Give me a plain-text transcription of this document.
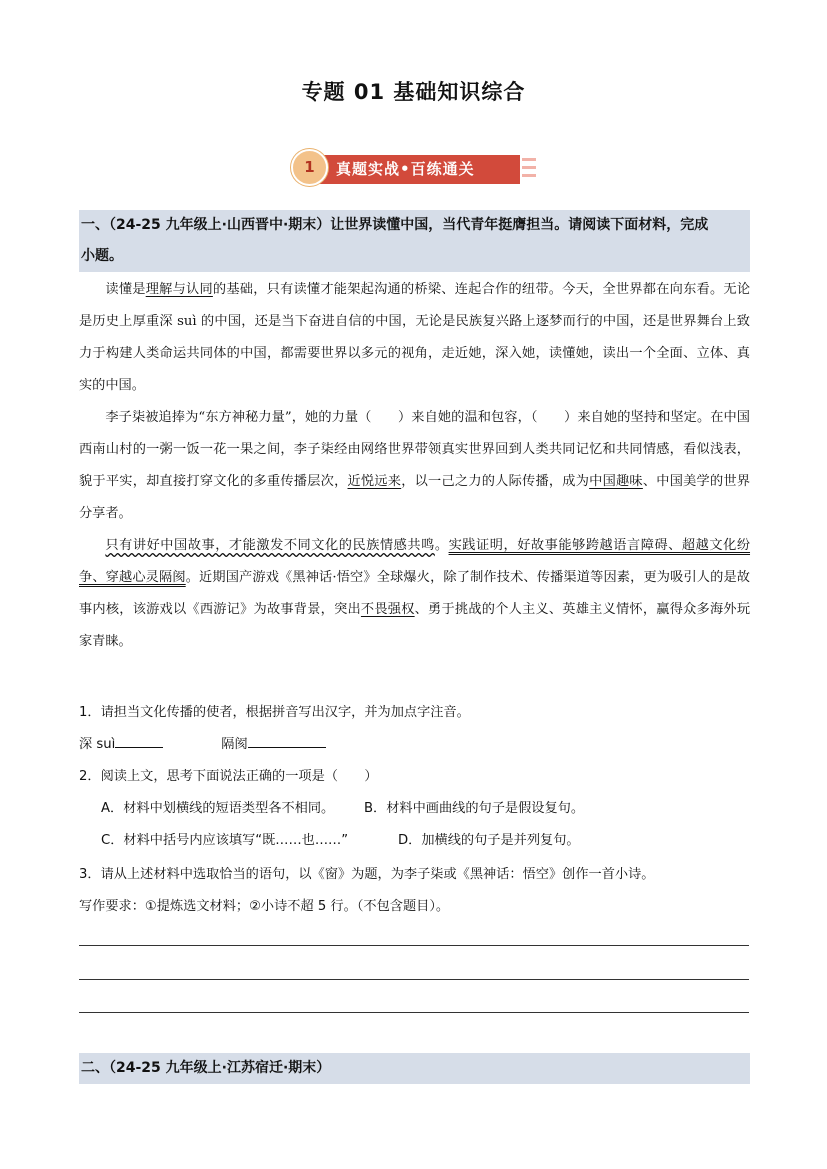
专题 01 基础知识综合
1	真题实战•百练通关
一、（24-25 九年级上·山西晋中·期末）让世界读懂中国，当代青年挺膺担当。请阅读下面材料，完成
小题。

读懂是理解与认同的基础，只有读懂才能架起沟通的桥梁、连起合作的纽带。今天，全世界都在向东看。无论是历史上厚重深 suì 的中国，还是当下奋进自信的中国，无论是民族复兴路上逐梦而行的中国，还是世界舞台上致力于构建人类命运共同体的中国，都需要世界以多元的视角，走近她，深入她，读懂她，读出一个全面、立体、真实的中国。

李子柒被追捧为“东方神秘力量”，她的力量（　　）来自她的温和包容，（　　）来自她的坚持和坚定。在中国西南山村的一粥一饭一花一果之间，李子柒经由网络世界带领真实世界回到人类共同记忆和共同情感，看似浅表，貌于平实，却直接打穿文化的多重传播层次，近悦远来，以一己之力的人际传播，成为中国趣味、中国美学的世界分享者。

只有讲好中国故事，才能激发不同文化的民族情感共鸣。实践证明，好故事能够跨越语言障碍、超越文化纷争、穿越心灵隔阂。近期国产游戏《黑神话·悟空》全球爆火，除了制作技术、传播渠道等因素，更为吸引人的是故事内核，该游戏以《西游记》为故事背景，突出不畏强权、勇于挑战的个人主义、英雄主义情怀，赢得众多海外玩家青睐。

1．请担当文化传播的使者，根据拼音写出汉字，并为加点字注音。
深 suì	隔阂
2．阅读上文，思考下面说法正确的一项是（　　）
A．材料中划横线的短语类型各不相同。 B．材料中画曲线的句子是假设复句。
C．材料中括号内应该填写“既……也……”	D．加横线的句子是并列复句。
3．请从上述材料中选取恰当的语句，以《窗》为题，为李子柒或《黑神话：悟空》创作一首小诗。
写作要求：①提炼选文材料；②小诗不超 5 行。（不包含题目）。
二、（24-25 九年级上·江苏宿迁·期末）
